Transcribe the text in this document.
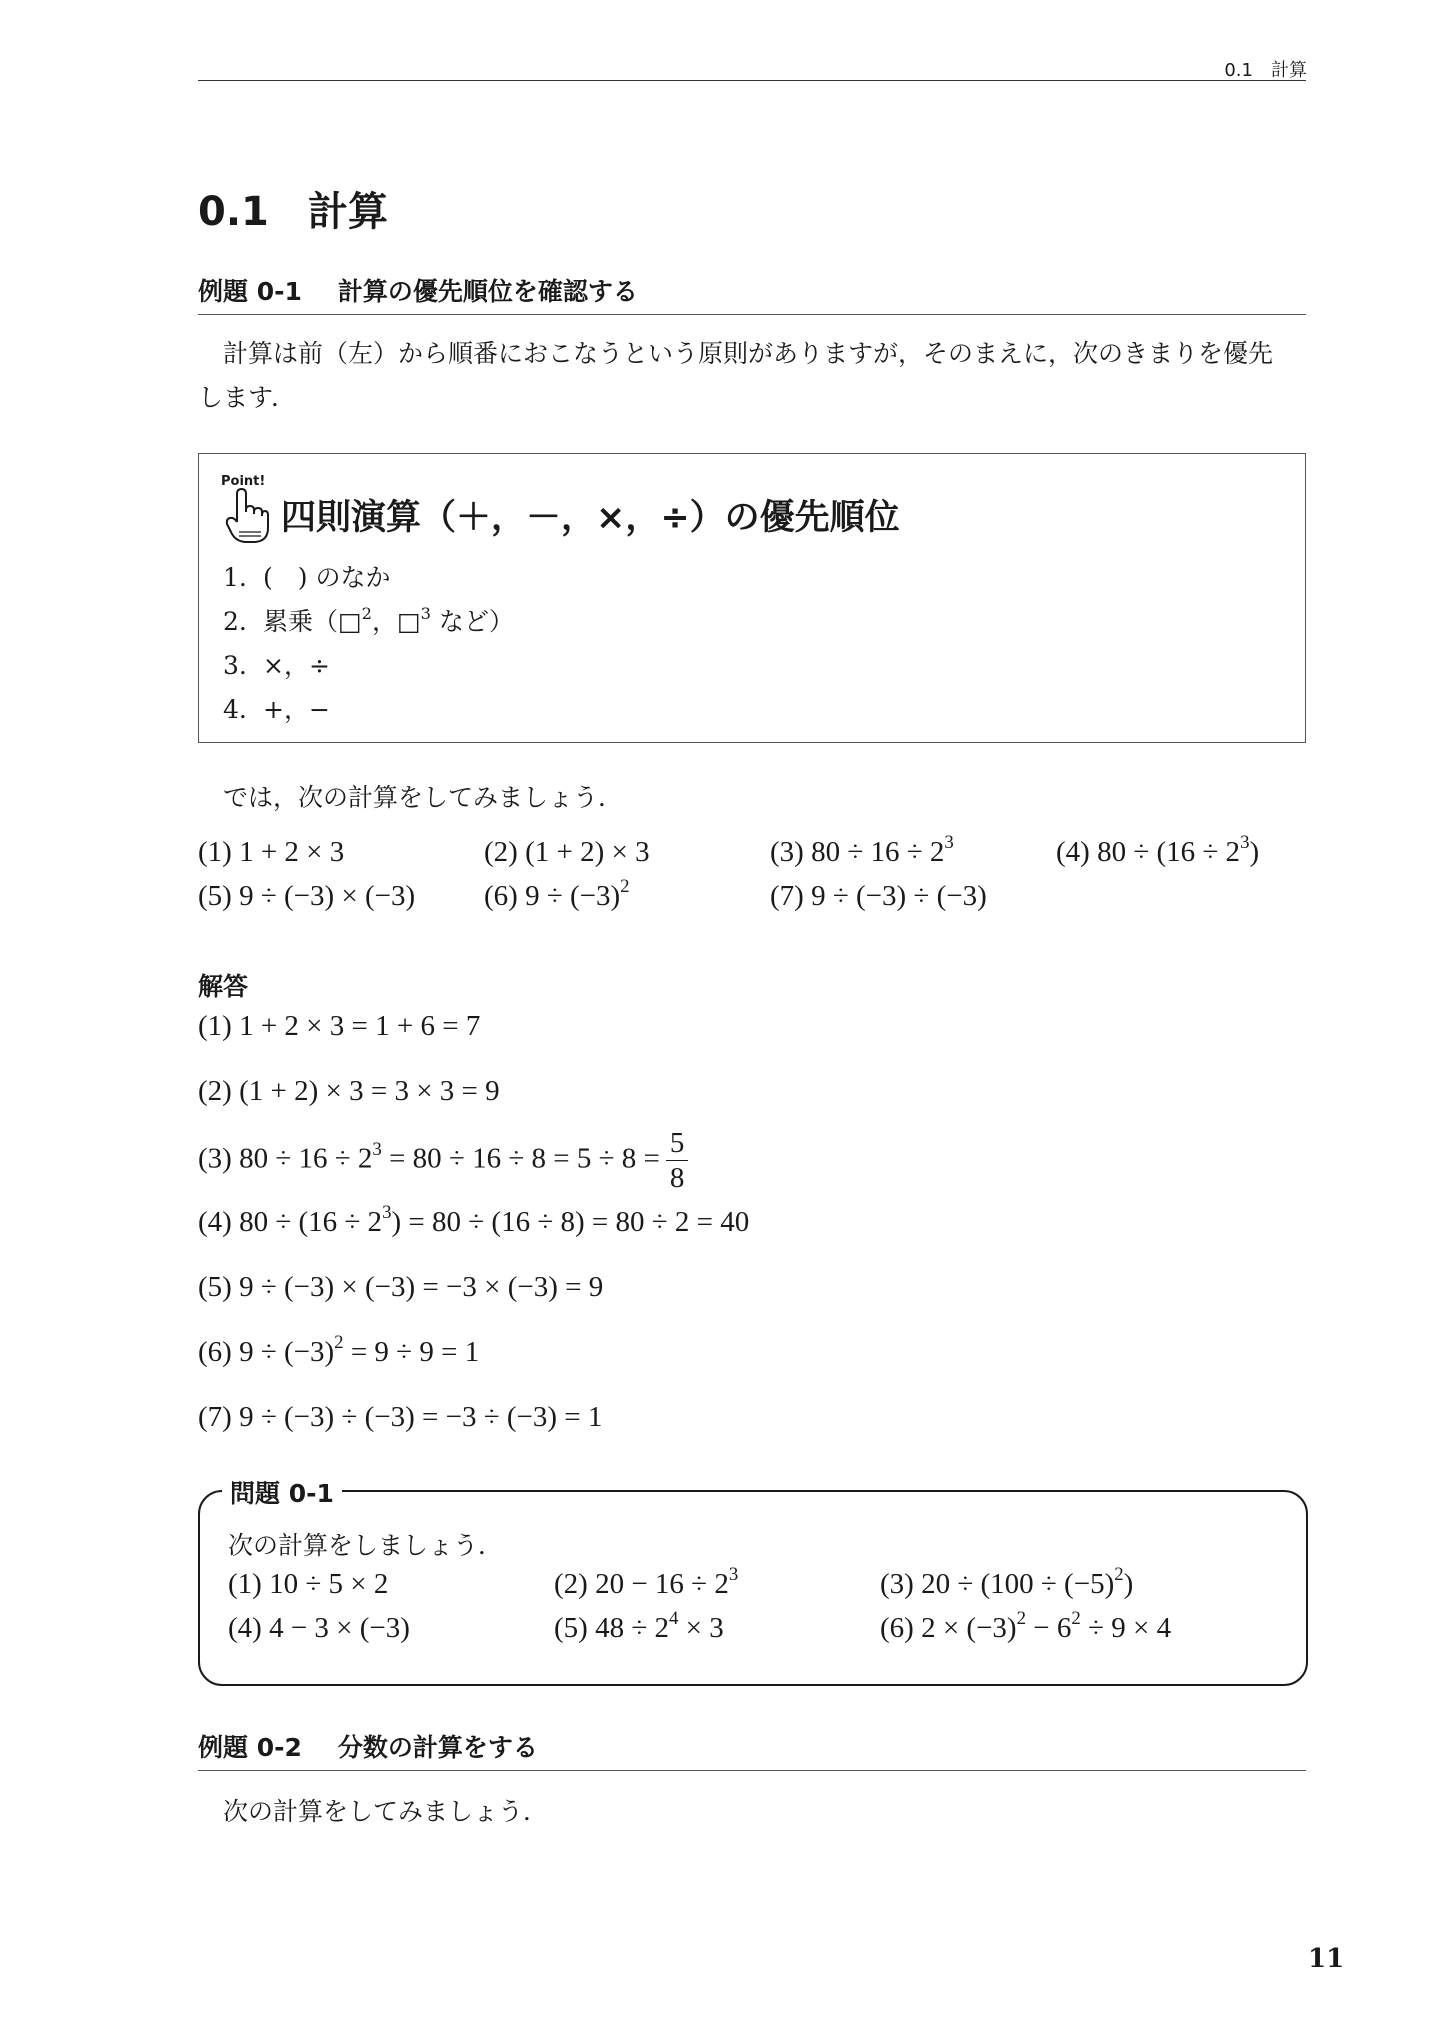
0.1　計算
0.1 計算
例題 0-1 計算の優先順位を確認する
計算は前（左）から順番におこなうという原則がありますが，そのまえに，次のきまりを優先
します．
Point!
四則演算（＋，－，×，÷）の優先順位
1. (　) のなか
2. 累乗（□$^2$，□$^3$ など）
3. ×，÷
4. +，−
では，次の計算をしてみましょう．
(1) 1 + 2 × 3	(2) (1 + 2) × 3	(3) $80 \div 16 \div 2^3$	(4) $80 \div (16 \div 2^3)$
(5) 9 ÷ (−3) × (−3) (6) $9 \div (-3)^2$	(7) 9 ÷ (−3) ÷ (−3)
解答
(1) 1 + 2 × 3 = 1 + 6 = 7
(2) (1 + 2) × 3 = 3 × 3 = 9
(3) $80 \div 16 \div 2^3 = 80 \div 16 \div 8 = 5 \div 8 = \frac{5}{8}$
(4) $80 \div (16 \div 2^3) = 80 \div (16 \div 8) = 80 \div 2 = 40$
(5) 9 ÷ (−3) × (−3) = −3 × (−3) = 9
(6) $9 \div (-3)^2 = 9 \div 9 = 1$
(7) 9 ÷ (−3) ÷ (−3) = −3 ÷ (−3) = 1
問題 0-1
次の計算をしましょう．
(1) 10 ÷ 5 × 2	(2) $20 - 16 \div 2^3$	(3) $20 \div (100 \div (-5)^2)$
(4) 4 − 3 × (−3)	(5) $48 \div 2^4 \times 3$	(6) $2 \times (-3)^2 - 6^2 \div 9 \times 4$
例題 0-2 分数の計算をする
次の計算をしてみましょう．
11
